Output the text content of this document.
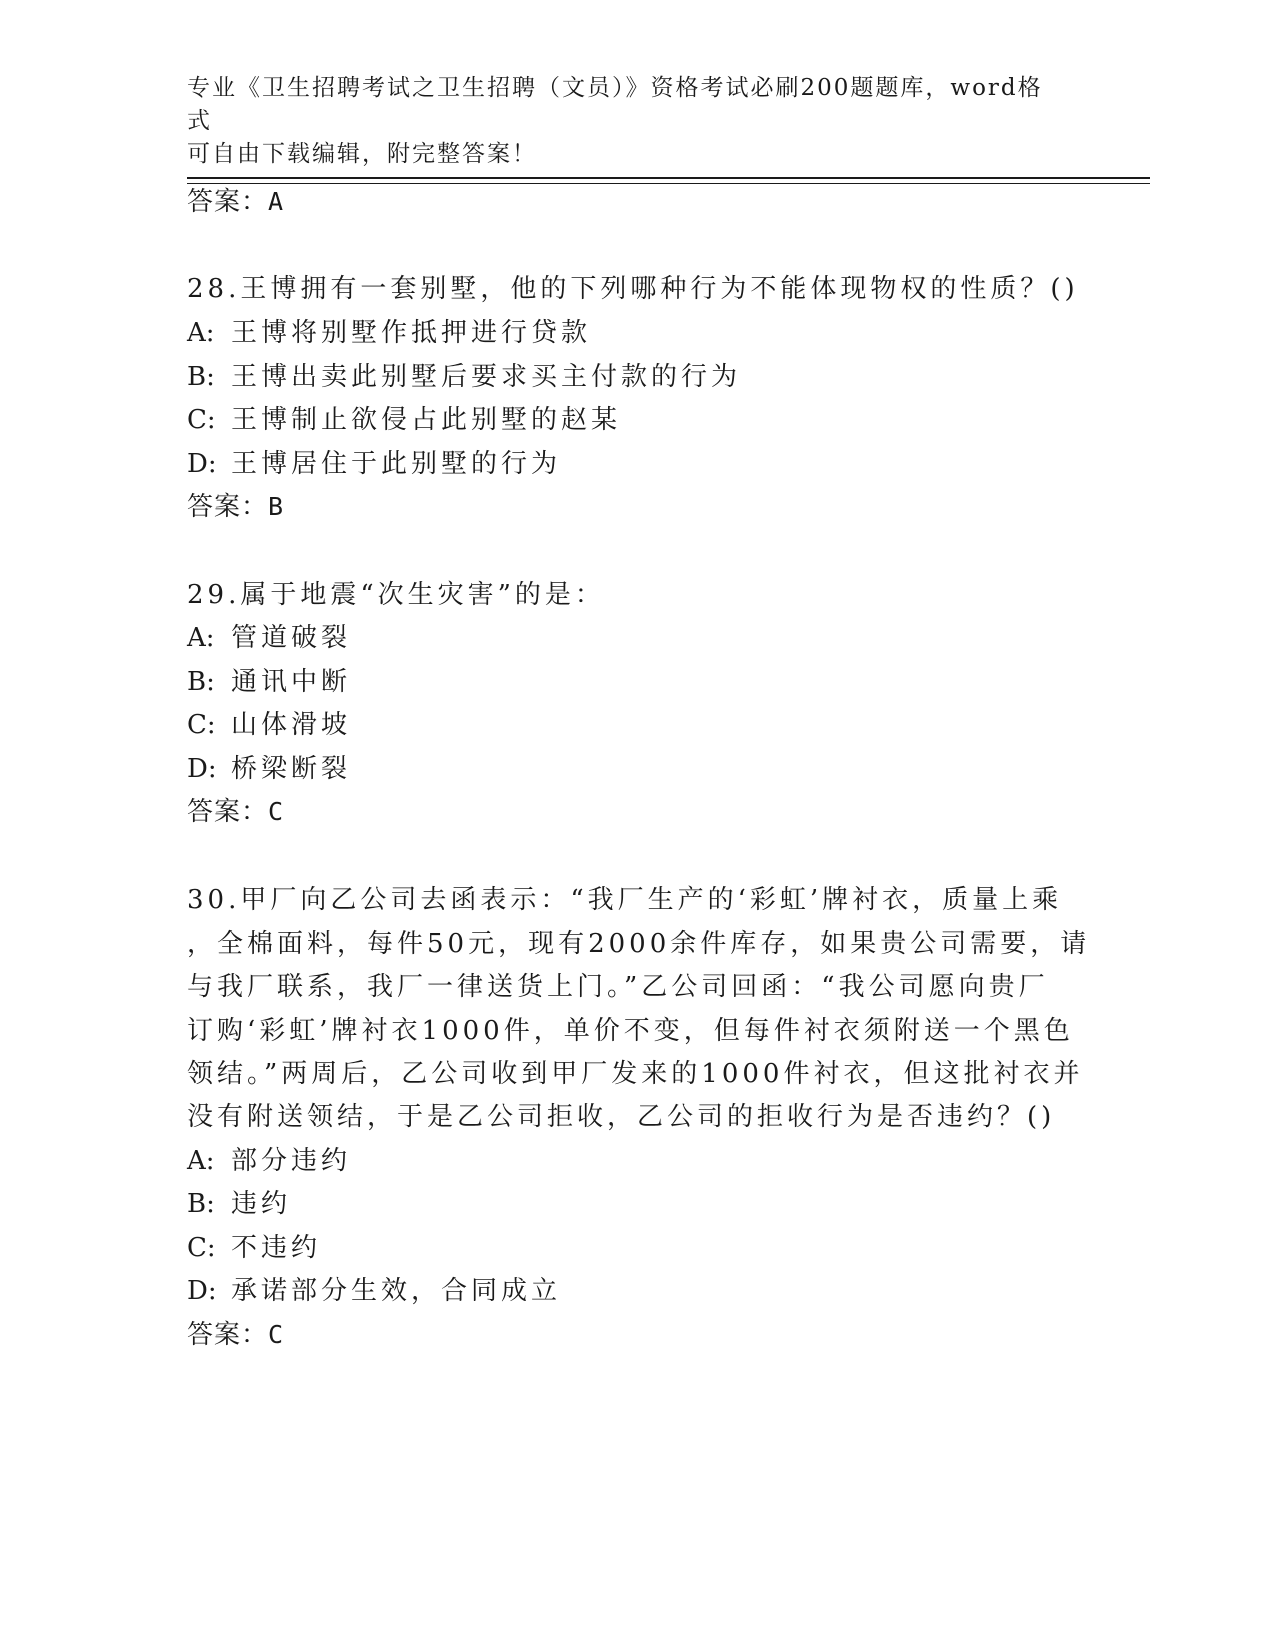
专业《卫生招聘考试之卫生招聘（文员）》资格考试必刷200题题库，word格式
可自由下载编辑，附完整答案！
答案：A
28.王博拥有一套别墅，他的下列哪种行为不能体现物权的性质？()
A: 王博将别墅作抵押进行贷款
B: 王博出卖此别墅后要求买主付款的行为
C: 王博制止欲侵占此别墅的赵某
D: 王博居住于此别墅的行为
答案：B
29.属于地震“次生灾害”的是：
A: 管道破裂
B: 通讯中断
C: 山体滑坡
D: 桥梁断裂
答案：C
30.甲厂向乙公司去函表示：“我厂生产的‘彩虹’牌衬衣，质量上乘
，全棉面料，每件50元，现有2000余件库存，如果贵公司需要，请
与我厂联系，我厂一律送货上门。”乙公司回函：“我公司愿向贵厂
订购‘彩虹’牌衬衣1000件，单价不变，但每件衬衣须附送一个黑色
领结。”两周后，乙公司收到甲厂发来的1000件衬衣，但这批衬衣并
没有附送领结，于是乙公司拒收，乙公司的拒收行为是否违约？()
A: 部分违约
B: 违约
C: 不违约
D: 承诺部分生效，合同成立
答案：C
